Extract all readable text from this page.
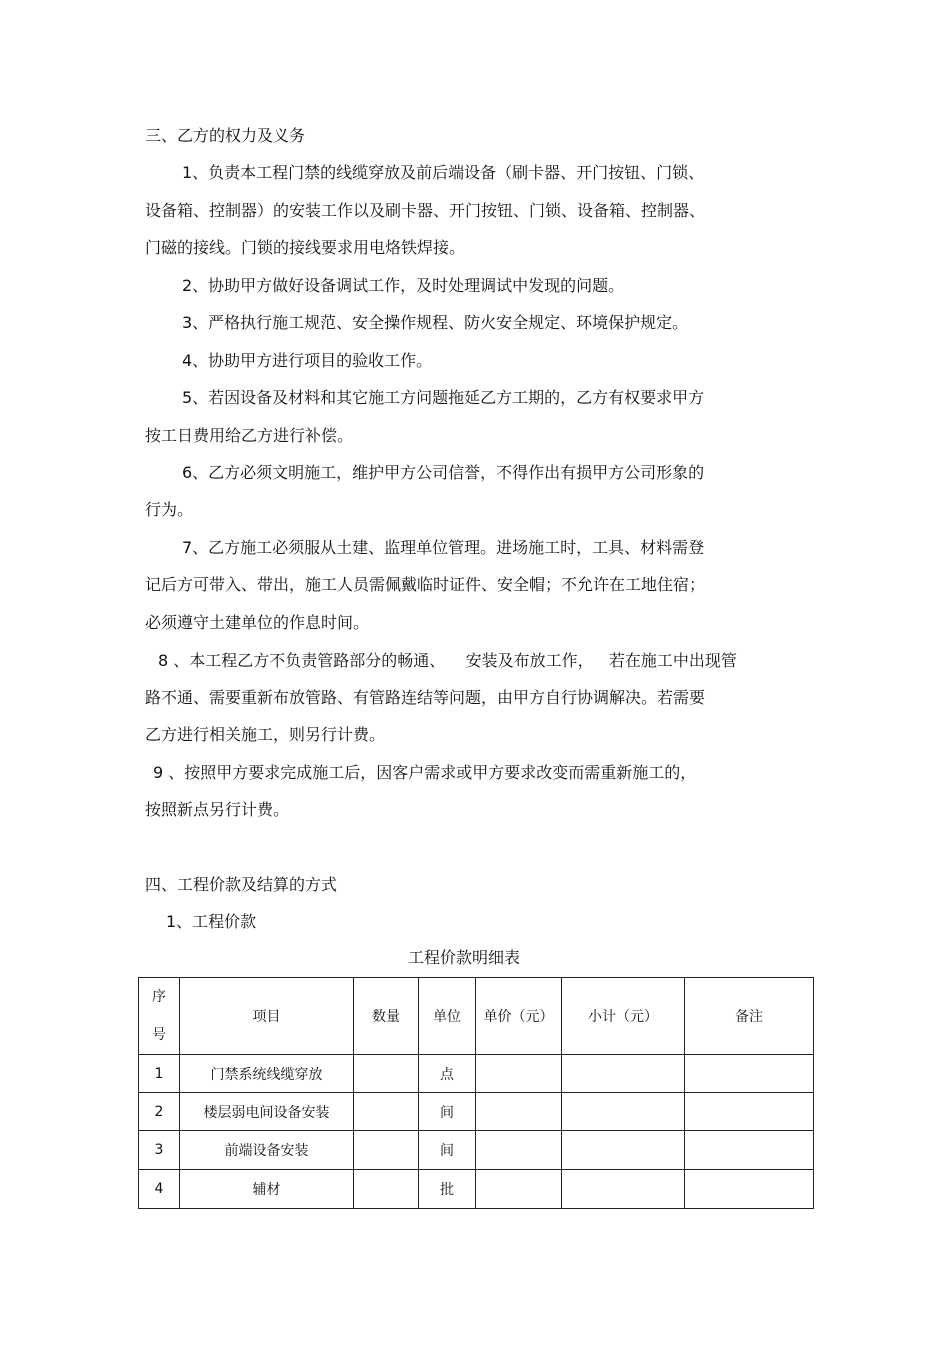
三、乙方的权力及义务
1、负责本工程门禁的线缆穿放及前后端设备（刷卡器、开门按钮、门锁、
设备箱、控制器）的安装工作以及刷卡器、开门按钮、门锁、设备箱、控制器、
门磁的接线。门锁的接线要求用电烙铁焊接。
2、协助甲方做好设备调试工作，及时处理调试中发现的问题。
3、严格执行施工规范、安全操作规程、防火安全规定、环境保护规定。
4、协助甲方进行项目的验收工作。
5、若因设备及材料和其它施工方问题拖延乙方工期的，乙方有权要求甲方
按工日费用给乙方进行补偿。
6、乙方必须文明施工，维护甲方公司信誉，不得作出有损甲方公司形象的
行为。
7、乙方施工必须服从土建、监理单位管理。进场施工时，工具、材料需登
记后方可带入、带出，施工人员需佩戴临时证件、安全帽；不允许在工地住宿；
必须遵守土建单位的作息时间。
8 、本工程乙方不负责管路部分的畅通、    安装及布放工作，   若在施工中出现管
路不通、需要重新布放管路、有管路连结等问题，由甲方自行协调解决。若需要
乙方进行相关施工，则另行计费。
9 、按照甲方要求完成施工后，因客户需求或甲方要求改变而需重新施工的，
按照新点另行计费。
四、工程价款及结算的方式
1、工程价款
工程价款明细表
序
号	项目	数量	单位	单价（元）	小计（元）	备注
1	门禁系统线缆穿放		点			
2	楼层弱电间设备安装		间			
3	前端设备安装		间			
4	辅材		批			
